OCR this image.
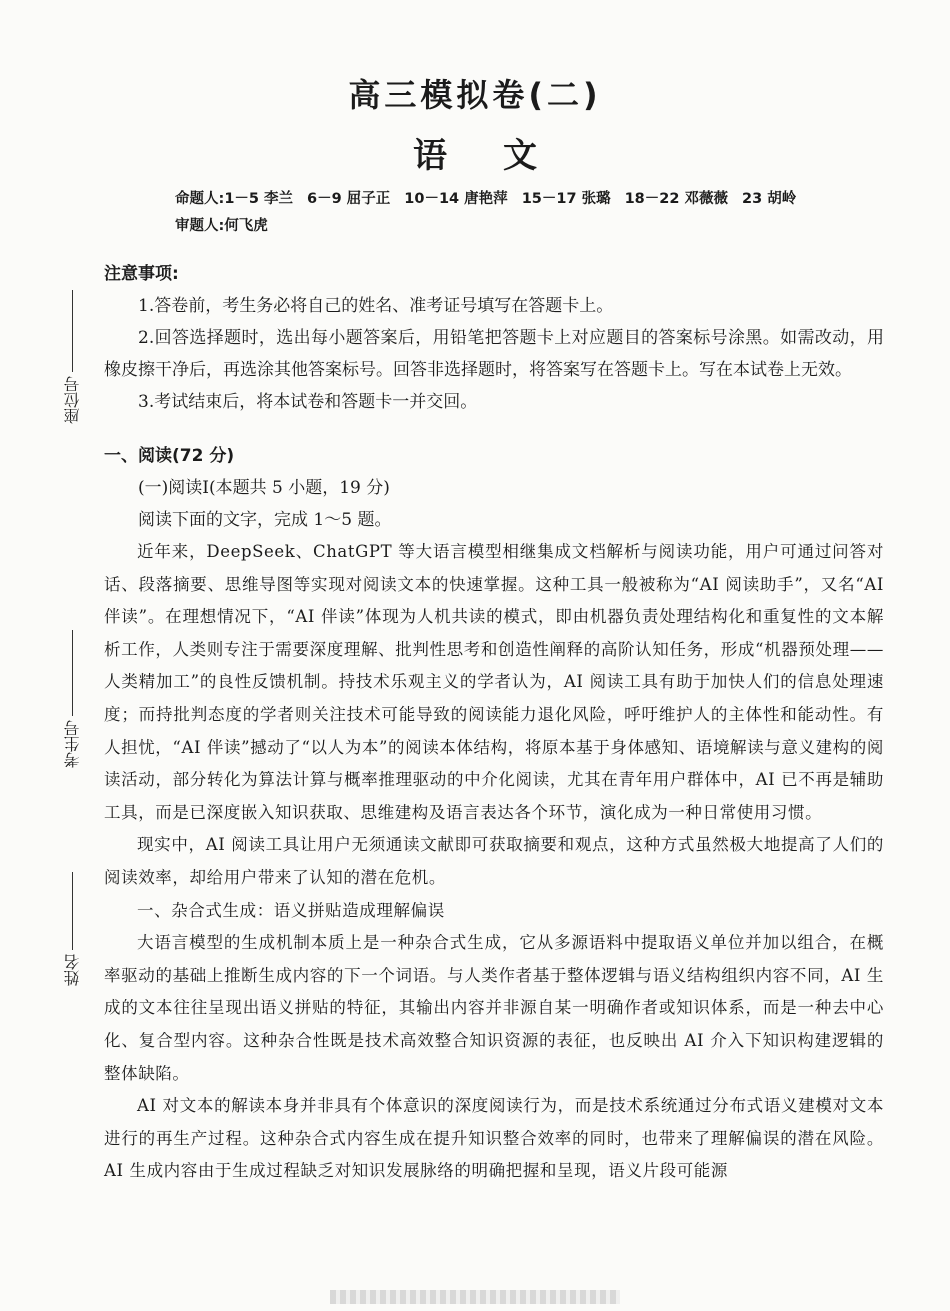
高三模拟卷(二)
语 文
命题人:1－5 李兰 6－9 屈子正 10－14 唐艳萍 15－17 张璐 18－22 邓薇薇 23 胡岭
审题人:何飞虎
座位号
考生号
姓名

注意事项:

1.答卷前，考生务必将自己的姓名、准考证号填写在答题卡上。

2.回答选择题时，选出每小题答案后，用铅笔把答题卡上对应题目的答案标号涂黑。如需改动，用橡皮擦干净后，再选涂其他答案标号。回答非选择题时，将答案写在答题卡上。写在本试卷上无效。

3.考试结束后，将本试卷和答题卡一并交回。

一、阅读(72 分)

(一)阅读Ⅰ(本题共 5 小题，19 分)

阅读下面的文字，完成 1～5 题。

近年来，DeepSeek、ChatGPT 等大语言模型相继集成文档解析与阅读功能，用户可通过问答对话、段落摘要、思维导图等实现对阅读文本的快速掌握。这种工具一般被称为“AI 阅读助手”，又名“AI 伴读”。在理想情况下，“AI 伴读”体现为人机共读的模式，即由机器负责处理结构化和重复性的文本解析工作，人类则专注于需要深度理解、批判性思考和创造性阐释的高阶认知任务，形成“机器预处理——人类精加工”的良性反馈机制。持技术乐观主义的学者认为，AI 阅读工具有助于加快人们的信息处理速度；而持批判态度的学者则关注技术可能导致的阅读能力退化风险，呼吁维护人的主体性和能动性。有人担忧，“AI 伴读”撼动了“以人为本”的阅读本体结构，将原本基于身体感知、语境解读与意义建构的阅读活动，部分转化为算法计算与概率推理驱动的中介化阅读，尤其在青年用户群体中，AI 已不再是辅助工具，而是已深度嵌入知识获取、思维建构及语言表达各个环节，演化成为一种日常使用习惯。

现实中，AI 阅读工具让用户无须通读文献即可获取摘要和观点，这种方式虽然极大地提高了人们的阅读效率，却给用户带来了认知的潜在危机。

一、杂合式生成：语义拼贴造成理解偏误

大语言模型的生成机制本质上是一种杂合式生成，它从多源语料中提取语义单位并加以组合，在概率驱动的基础上推断生成内容的下一个词语。与人类作者基于整体逻辑与语义结构组织内容不同，AI 生成的文本往往呈现出语义拼贴的特征，其输出内容并非源自某一明确作者或知识体系，而是一种去中心化、复合型内容。这种杂合性既是技术高效整合知识资源的表征，也反映出 AI 介入下知识构建逻辑的整体缺陷。

AI 对文本的解读本身并非具有个体意识的深度阅读行为，而是技术系统通过分布式语义建模对文本进行的再生产过程。这种杂合式内容生成在提升知识整合效率的同时，也带来了理解偏误的潜在风险。AI 生成内容由于生成过程缺乏对知识发展脉络的明确把握和呈现，语义片段可能源
